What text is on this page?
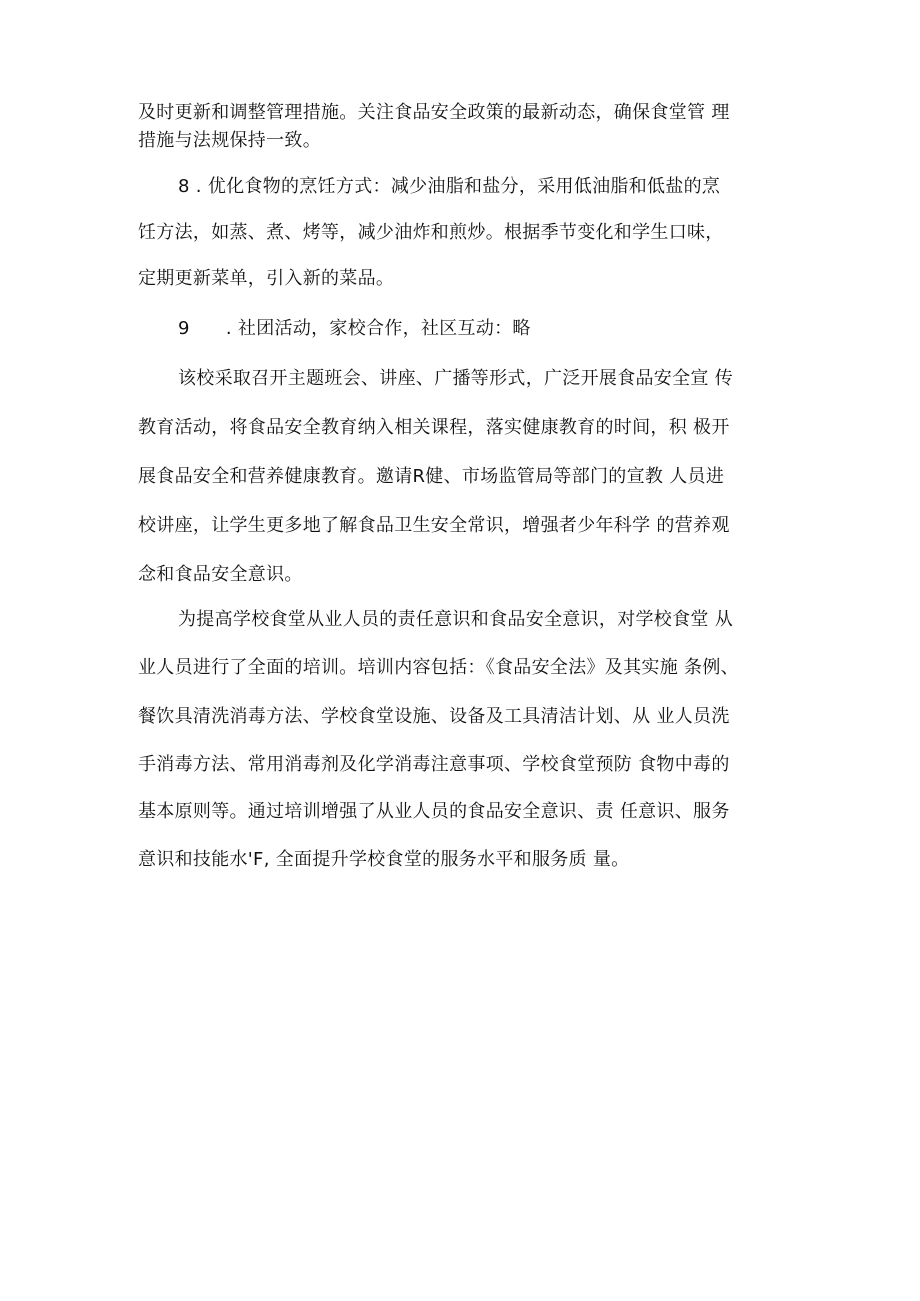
及时更新和调整管理措施。关注食品安全政策的最新动态，确保食堂管 理
措施与法规保持一致。
8 . 优化食物的烹饪方式：减少油脂和盐分，采用低油脂和低盐的烹
饪方法，如蒸、煮、烤等，减少油炸和煎炒。根据季节变化和学生口味，
定期更新菜单，引入新的菜品。
9      . 社团活动，家校合作，社区互动：略
该校采取召开主题班会、讲座、广播等形式，广泛开展食品安全宣 传
教育活动，将食品安全教育纳入相关课程，落实健康教育的时间，积 极开
展食品安全和营养健康教育。邀请R健、市场监管局等部门的宣教 人员进
校讲座，让学生更多地了解食品卫生安全常识，增强者少年科学 的营养观
念和食品安全意识。
为提高学校食堂从业人员的责任意识和食品安全意识，对学校食堂 从
业人员进行了全面的培训。培训内容包括：《食品安全法》及其实施 条例、
餐饮具清洗消毒方法、学校食堂设施、设备及工具清洁计划、从 业人员洗
手消毒方法、常用消毒剂及化学消毒注意事项、学校食堂预防 食物中毒的
基本原则等。通过培训增强了从业人员的食品安全意识、责 任意识、服务
意识和技能水'F, 全面提升学校食堂的服务水平和服务质 量。
